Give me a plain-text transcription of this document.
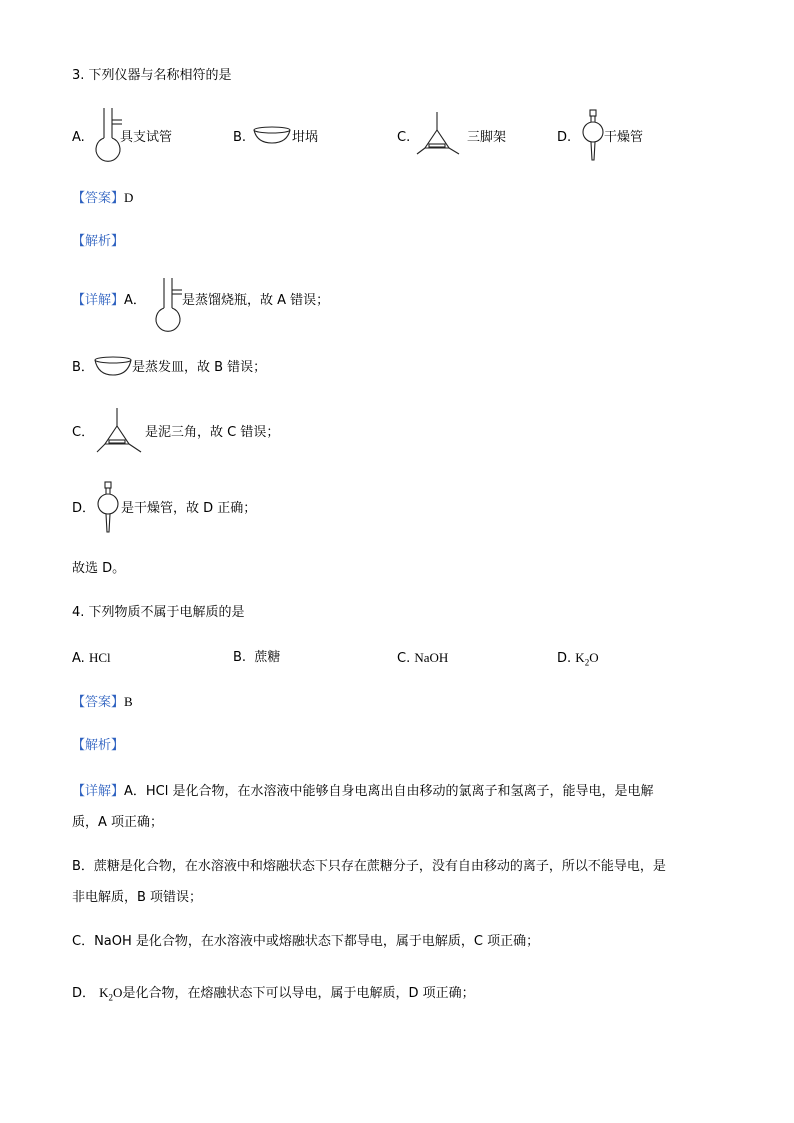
3. 下列仪器与名称相符的是
A.	具支试管	B.	坩埚	C.	三脚架	D.	干燥管
【答案】D
【解析】
【详解】A．	是蒸馏烧瓶，故 A 错误；
B．	是蒸发皿，故 B 错误；
C．	是泥三角，故 C 错误；
D． 是干燥管，故 D 正确；
故选 D。
4. 下列物质不属于电解质的是
A. HCl	B. 蔗糖	C. NaOH	D. $K_2O$
【答案】B
【解析】
【详解】A．HCl 是化合物，在水溶液中能够自身电离出自由移动的氯离子和氢离子，能导电，是电解
质，A 项正确；
B．蔗糖是化合物，在水溶液中和熔融状态下只存在蔗糖分子，没有自由移动的离子，所以不能导电，是
非电解质，B 项错误；
C．NaOH 是化合物，在水溶液中或熔融状态下都导电，属于电解质，C 项正确；
D． $K_2O$是化合物，在熔融状态下可以导电，属于电解质，D 项正确；
